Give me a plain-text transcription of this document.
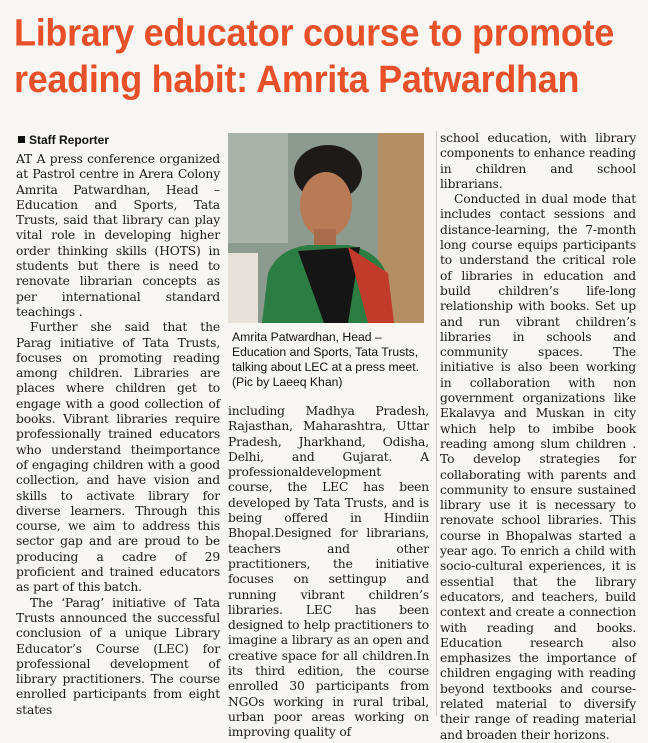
Library educator course to promote reading habit: Amrita Patwardhan
Staff Reporter

AT A press conference organized at Pastrol centre in Arera Colony Amrita Patwardhan, Head – Education and Sports, Tata Trusts, said that library can play vital role in developing higher order thinking skills (HOTS) in students but there is need to renovate librarian concepts as per international standard teachings .

Further she said that the Parag initiative of Tata Trusts, focuses on promoting reading among children. Libraries are places where children get to engage with a good collection of books. Vibrant libraries require professionally trained educators who understand theimportance of engaging children with a good collection, and have vision and skills to activate library for diverse learners. Through this course, we aim to address this sector gap and are proud to be producing a cadre of 29 proficient and trained educators as part of this batch.

The ‘Parag’ initiative of Tata Trusts announced the successful conclusion of a unique Library Educator’s Course (LEC) for professional development of library practitioners. The course enrolled participants from eight states

Amrita Patwardhan, Head – Education and Sports, Tata Trusts, talking about LEC at a press meet. (Pic by Laeeq Khan)

including Madhya Pradesh, Rajasthan, Maharashtra, Uttar Pradesh, Jharkhand, Odisha, Delhi, and Gujarat. A professionaldevelopment course, the LEC has been developed by Tata Trusts, and is being offered in Hindiin Bhopal.Designed for librarians, teachers and other practitioners, the initiative focuses on settingup and running vibrant children’s libraries. LEC has been designed to help practitioners to imagine a library as an open and creative space for all children.In its third edition, the course enrolled 30 participants from NGOs working in rural tribal, urban poor areas working on improving quality of

school education, with library components to enhance reading in children and school librarians.

Conducted in dual mode that includes contact sessions and distance-learning, the 7-month long course equips participants to understand the critical role of libraries in education and build children’s life-long relationship with books. Set up and run vibrant children’s libraries in schools and community spaces. The initiative is also been working in collaboration with non government organizations like Ekalavya and Muskan in city which help to imbibe book reading among slum children . To develop strategies for collaborating with parents and community to ensure sustained library use it is necessary to renovate school libraries. This course in Bhopalwas started a year ago. To enrich a child with socio-cultural experiences, it is essential that the library educators, and teachers, build context and create a connection with reading and books. Education research also emphasizes the importance of children engaging with reading beyond textbooks and course-related material to diversify their range of reading material and broaden their horizons.
